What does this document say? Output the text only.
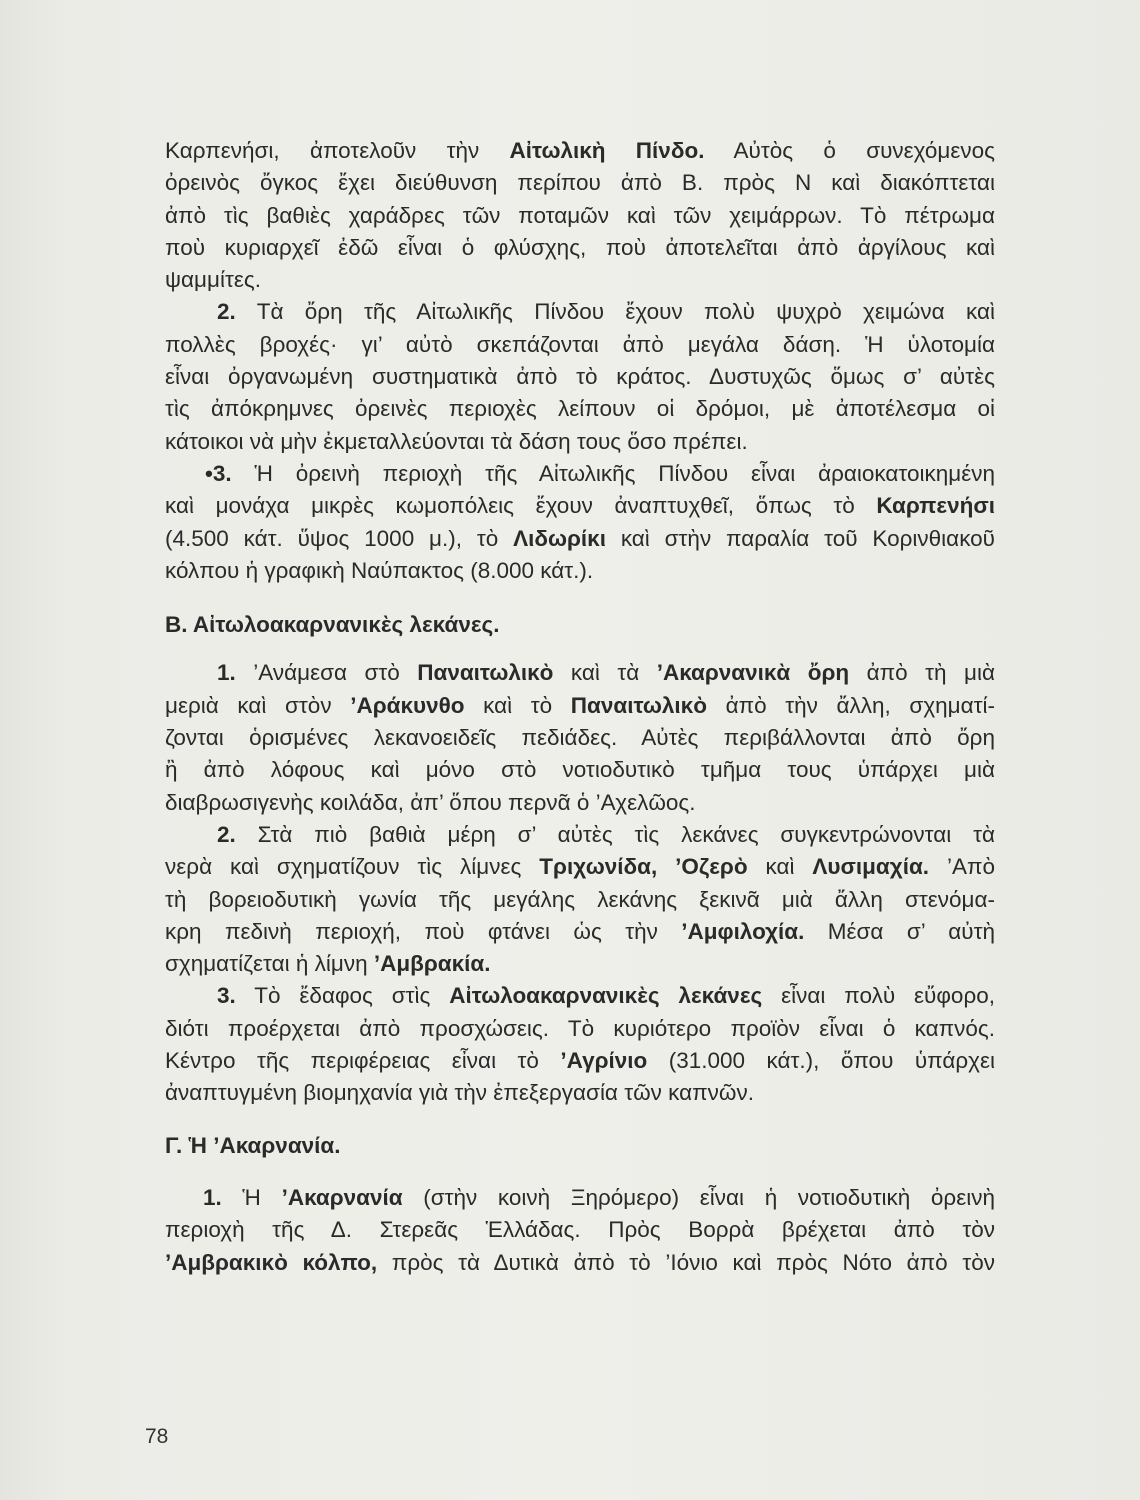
Καρπενήσι, ἀποτελοῦν τὴν Αἰτωλικὴ Πίνδο. Αὐτὸς ὁ συνεχόμενος
ὀρεινὸς ὄγκος ἔχει διεύθυνση περίπου ἀπὸ Β. πρὸς Ν καὶ διακόπτεται
ἀπὸ τὶς βαθιὲς χαράδρες τῶν ποταμῶν καὶ τῶν χειμάρρων. Τὸ πέτρωμα
ποὺ κυριαρχεῖ ἐδῶ εἶναι ὁ φλύσχης, ποὺ ἀποτελεῖται ἀπὸ ἀργίλους καὶ
ψαμμίτες.
2. Τὰ ὄρη τῆς Αἰτωλικῆς Πίνδου ἔχουν πολὺ ψυχρὸ χειμώνα καὶ
πολλὲς βροχές· γι’ αὐτὸ σκεπάζονται ἀπὸ μεγάλα δάση. Ἡ ὑλοτομία
εἶναι ὀργανωμένη συστηματικὰ ἀπὸ τὸ κράτος. Δυστυχῶς ὅμως σ’ αὐτὲς
τὶς ἀπόκρημνες ὀρεινὲς περιοχὲς λείπουν οἱ δρόμοι, μὲ ἀποτέλεσμα οἱ
κάτοικοι νὰ μὴν ἐκμεταλλεύονται τὰ δάση τους ὅσο πρέπει.
•3. Ἡ ὀρεινὴ περιοχὴ τῆς Αἰτωλικῆς Πίνδου εἶναι ἀραιοκατοικημένη
καὶ μονάχα μικρὲς κωμοπόλεις ἔχουν ἀναπτυχθεῖ, ὅπως τὸ Καρπενήσι
(4.500 κάτ. ὕψος 1000 μ.), τὸ Λιδωρίκι καὶ στὴν παραλία τοῦ Κορινθιακοῦ
κόλπου ἡ γραφικὴ Ναύπακτος (8.000 κάτ.).
Β. Αἰτωλοακαρνανικὲς λεκάνες.
1. ’Ανάμεσα στὸ Παναιτωλικὸ καὶ τὰ ’Ακαρνανικὰ ὄρη ἀπὸ τὴ μιὰ
μεριὰ καὶ στὸν ’Αράκυνθο καὶ τὸ Παναιτωλικὸ ἀπὸ τὴν ἄλλη, σχηματί-
ζονται ὁρισμένες λεκανοειδεῖς πεδιάδες. Αὐτὲς περιβάλλονται ἀπὸ ὄρη
ἢ ἀπὸ λόφους καὶ μόνο στὸ νοτιοδυτικὸ τμῆμα τους ὑπάρχει μιὰ
διαβρωσιγενὴς κοιλάδα, ἀπ’ ὅπου περνᾶ ὁ ’Αχελῶος.
2. Στὰ πιὸ βαθιὰ μέρη σ’ αὐτὲς τὶς λεκάνες συγκεντρώνονται τὰ
νερὰ καὶ σχηματίζουν τὶς λίμνες Τριχωνίδα, ’Οζερὸ καὶ Λυσιμαχία. ’Απὸ
τὴ βορειοδυτικὴ γωνία τῆς μεγάλης λεκάνης ξεκινᾶ μιὰ ἄλλη στενόμα-
κρη πεδινὴ περιοχή, ποὺ φτάνει ὡς τὴν ’Αμφιλοχία. Μέσα σ’ αὐτὴ
σχηματίζεται ἡ λίμνη ’Αμβρακία.
3. Τὸ ἔδαφος στὶς Αἰτωλοακαρνανικὲς λεκάνες εἶναι πολὺ εὔφορο,
διότι προέρχεται ἀπὸ προσχώσεις. Τὸ κυριότερο προϊὸν εἶναι ὁ καπνός.
Κέντρο τῆς περιφέρειας εἶναι τὸ ’Αγρίνιο (31.000 κάτ.), ὅπου ὑπάρχει
ἀναπτυγμένη βιομηχανία γιὰ τὴν ἐπεξεργασία τῶν καπνῶν.
Γ. Ἡ ’Ακαρνανία.
1. Ἡ ’Ακαρνανία (στὴν κοινὴ Ξηρόμερο) εἶναι ἡ νοτιοδυτικὴ ὀρεινὴ
περιοχὴ τῆς Δ. Στερεᾶς Ἑλλάδας. Πρὸς Βορρὰ βρέχεται ἀπὸ τὸν
’Αμβρακικὸ κόλπο, πρὸς τὰ Δυτικὰ ἀπὸ τὸ ’Ιόνιο καὶ πρὸς Νότο ἀπὸ τὸν
78
